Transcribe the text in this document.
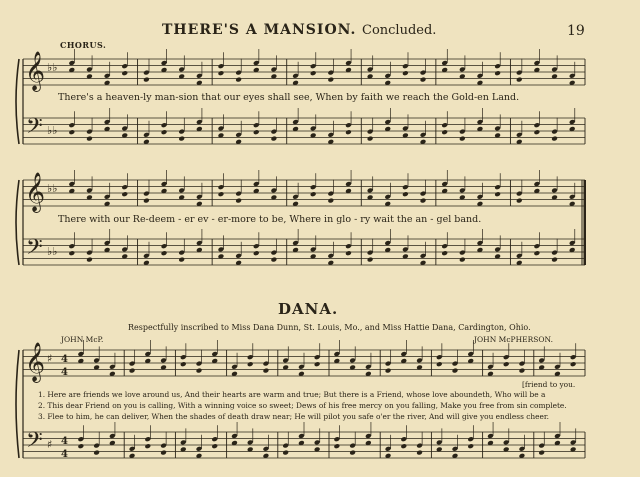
THERE'S A MANSION. Concluded.	19
CHORUS.
𝄞
𝄢
♭♭
♭♭
𝄞
𝄢
♭♭
♭♭
𝄞
𝄢
♯
♯
4
4
4
4
There's a heaven-ly man-sion that our eyes shall see, When by faith we reach the Gold-en Land.
There with our Re-deem - er ev - er-more to be, Where in glo - ry wait the an - gel band.
DANA.
Respectfully inscribed to Miss Dana Dunn, St. Louis, Mo., and Miss Hattie Dana, Cardington, Ohio.
JOHN McP.	JOHN McPHERSON.
[friend to you.
1. Here are friends we love around us, And their hearts are warm and true; But there is a Friend, whose love aboundeth, Who will be a
2. This dear Friend on you is calling, With a winning voice so sweet; Dews of his free mercy on you falling, Make you free from sin complete.
3. Flee to him, he can deliver, When the shades of death draw near; He will pilot you safe o'er the river, And will give you endless cheer.
